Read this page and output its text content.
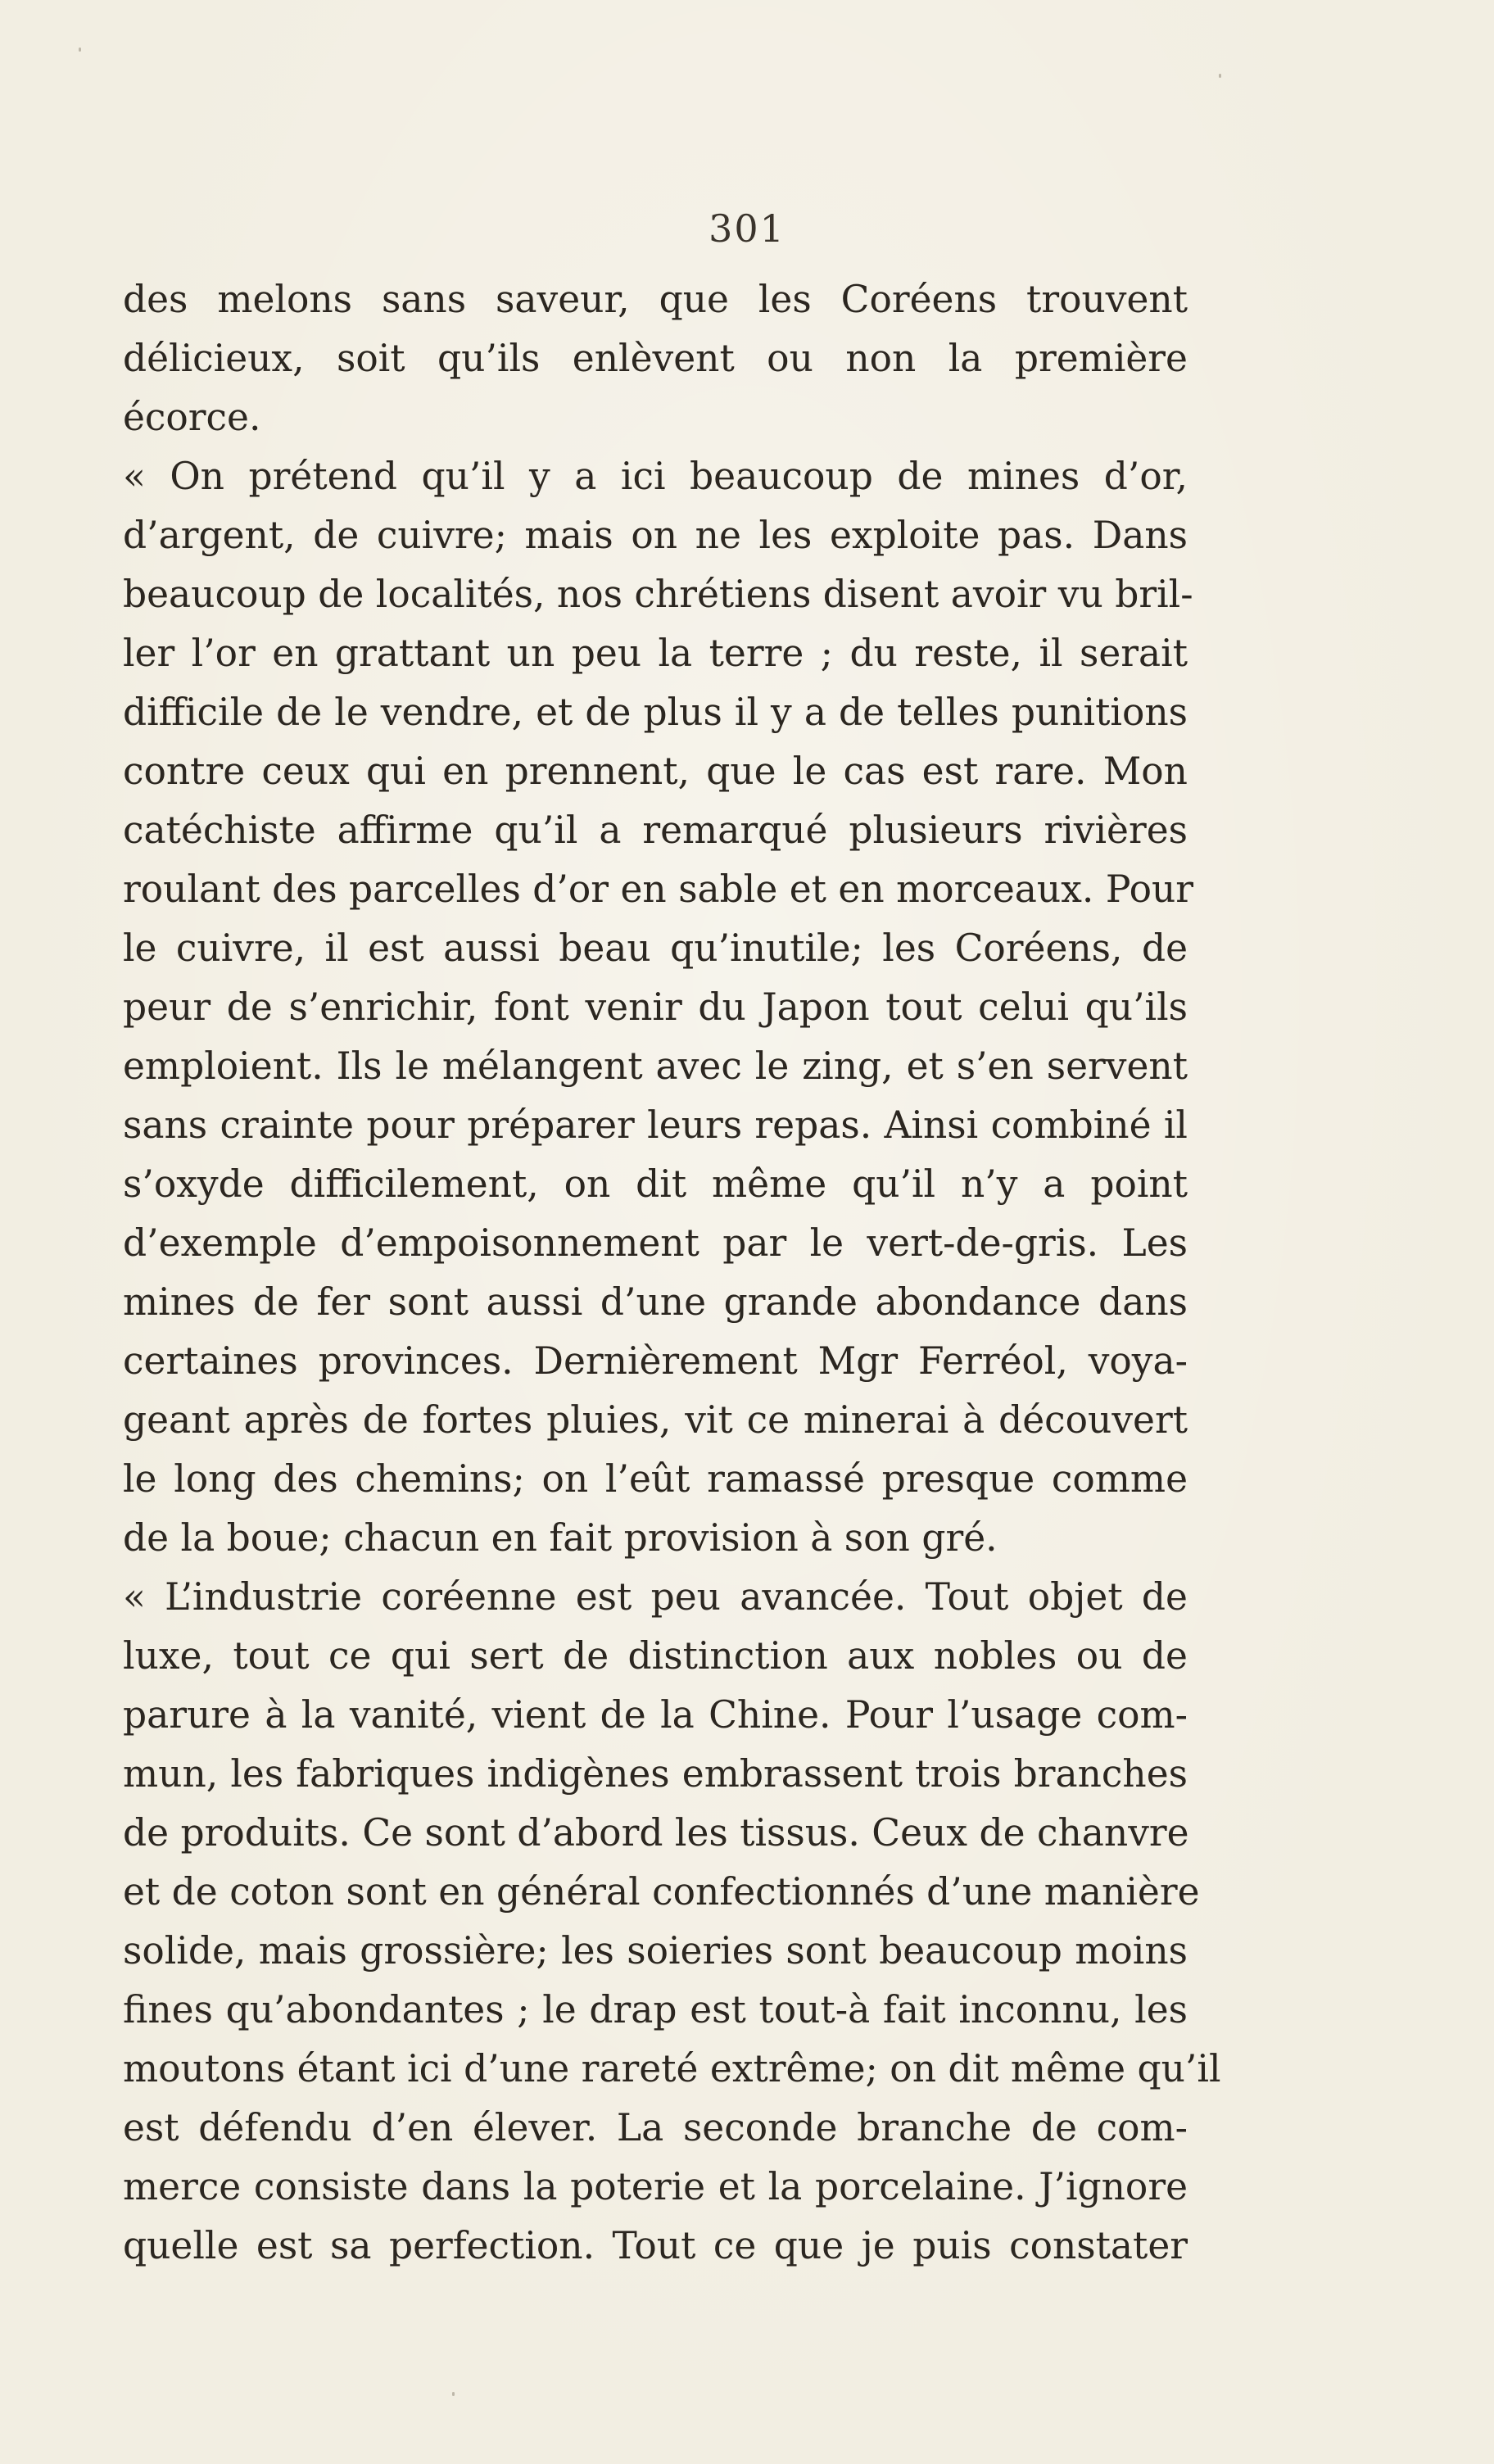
301
des melons sans saveur, que les Coréens trouvent
délicieux, soit qu’ils enlèvent ou non la première
écorce.
« On prétend qu’il y a ici beaucoup de mines d’or,
d’argent, de cuivre; mais on ne les exploite pas. Dans
beaucoup de localités, nos chrétiens disent avoir vu bril-
ler l’or en grattant un peu la terre ; du reste, il serait
difficile de le vendre, et de plus il y a de telles punitions
contre ceux qui en prennent, que le cas est rare. Mon
catéchiste affirme qu’il a remarqué plusieurs rivières
roulant des parcelles d’or en sable et en morceaux. Pour
le cuivre, il est aussi beau qu’inutile; les Coréens, de
peur de s’enrichir, font venir du Japon tout celui qu’ils
emploient. Ils le mélangent avec le zing, et s’en servent
sans crainte pour préparer leurs repas. Ainsi combiné il
s’oxyde difficilement, on dit même qu’il n’y a point
d’exemple d’empoisonnement par le vert-de-gris. Les
mines de fer sont aussi d’une grande abondance dans
certaines provinces. Dernièrement Mgr Ferréol, voya-
geant après de fortes pluies, vit ce minerai à découvert
le long des chemins; on l’eût ramassé presque comme
de la boue; chacun en fait provision à son gré.
« L’industrie coréenne est peu avancée. Tout objet de
luxe, tout ce qui sert de distinction aux nobles ou de
parure à la vanité, vient de la Chine. Pour l’usage com-
mun, les fabriques indigènes embrassent trois branches
de produits. Ce sont d’abord les tissus. Ceux de chanvre
et de coton sont en général confectionnés d’une manière
solide, mais grossière; les soieries sont beaucoup moins
fines qu’abondantes ; le drap est tout-à fait inconnu, les
moutons étant ici d’une rareté extrême; on dit même qu’il
est défendu d’en élever. La seconde branche de com-
merce consiste dans la poterie et la porcelaine. J’ignore
quelle est sa perfection. Tout ce que je puis constater
